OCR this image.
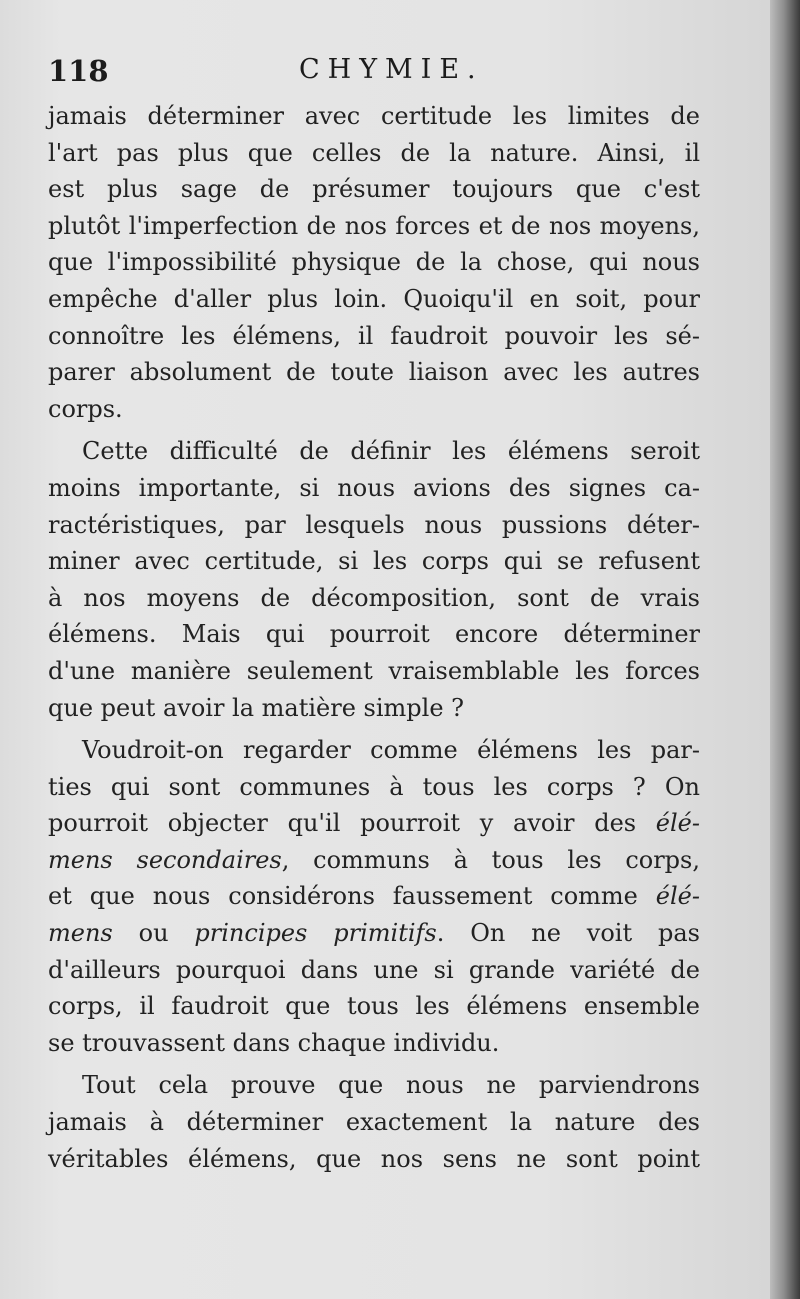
118	CHYMIE.
jamais déterminer avec certitude les limites de
l'art pas plus que celles de la nature. Ainsi, il
est plus sage de présumer toujours que c'est
plutôt l'imperfection de nos forces et de nos moyens,
que l'impossibilité physique de la chose, qui nous
empêche d'aller plus loin. Quoiqu'il en soit, pour
connoître les élémens, il faudroit pouvoir les sé-
parer absolument de toute liaison avec les autres
corps.
Cette difficulté de définir les élémens seroit
moins importante, si nous avions des signes ca-
ractéristiques, par lesquels nous pussions déter-
miner avec certitude, si les corps qui se refusent
à nos moyens de décomposition, sont de vrais
élémens. Mais qui pourroit encore déterminer
d'une manière seulement vraisemblable les forces
que peut avoir la matière simple ?
Voudroit-on regarder comme élémens les par-
ties qui sont communes à tous les corps ? On
pourroit objecter qu'il pourroit y avoir des élé-
mens secondaires, communs à tous les corps,
et que nous considérons faussement comme élé-
mens ou principes primitifs. On ne voit pas
d'ailleurs pourquoi dans une si grande variété de
corps, il faudroit que tous les élémens ensemble
se trouvassent dans chaque individu.
Tout cela prouve que nous ne parviendrons
jamais à déterminer exactement la nature des
véritables élémens, que nos sens ne sont point
